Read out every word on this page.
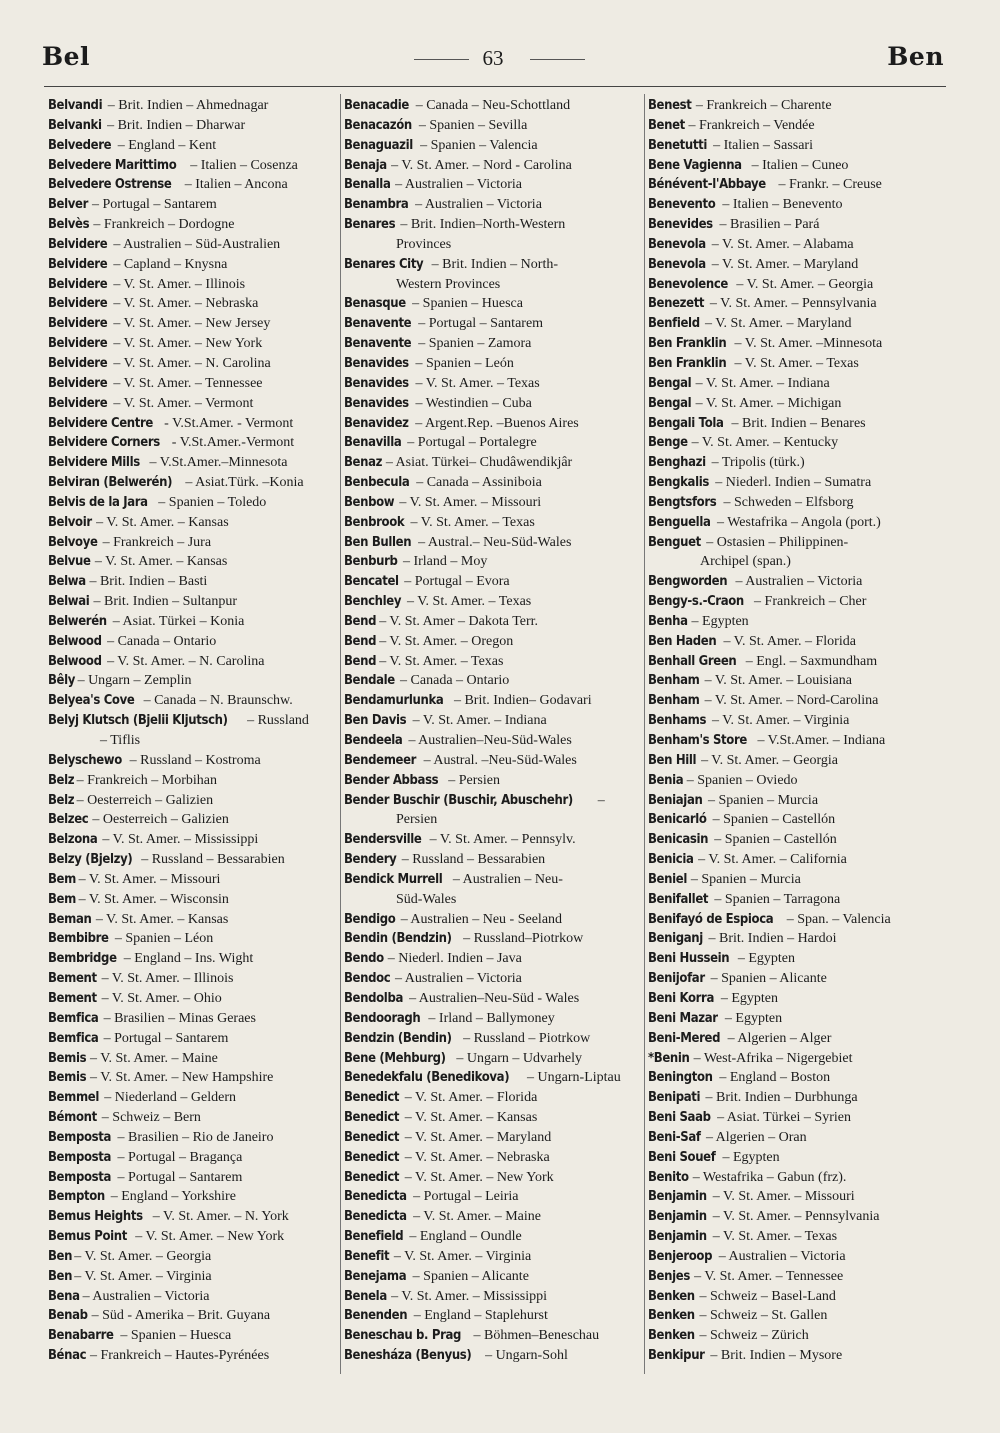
Bel	63	Ben
Belvandi – Brit. Indien – Ahmednagar
Belvanki – Brit. Indien – Dharwar
Belvedere – England – Kent
Belvedere Marittimo – Italien – Cosenza
Belvedere Ostrense – Italien – Ancona
Belver – Portugal – Santarem
Belvès – Frankreich – Dordogne
Belvidere – Australien – Süd-Australien
Belvidere – Capland – Knysna
Belvidere – V. St. Amer. – Illinois
Belvidere – V. St. Amer. – Nebraska
Belvidere – V. St. Amer. – New Jersey
Belvidere – V. St. Amer. – New York
Belvidere – V. St. Amer. – N. Carolina
Belvidere – V. St. Amer. – Tennessee
Belvidere – V. St. Amer. – Vermont
Belvidere Centre - V.St.Amer. - Vermont
Belvidere Corners - V.St.Amer.-Vermont
Belvidere Mills – V.St.Amer.–Minnesota
Belviran (Belwerén) – Asiat.Türk. –Konia
Belvis de la Jara – Spanien – Toledo
Belvoir – V. St. Amer. – Kansas
Belvoye – Frankreich – Jura
Belvue – V. St. Amer. – Kansas
Belwa – Brit. Indien – Basti
Belwai – Brit. Indien – Sultanpur
Belwerén – Asiat. Türkei – Konia
Belwood – Canada – Ontario
Belwood – V. St. Amer. – N. Carolina
Bêly – Ungarn – Zemplin
Belyea's Cove – Canada – N. Braunschw.
Belyj Klutsch (Bjelii Kljutsch) – Russland
– Tiflis
Belyschewo – Russland – Kostroma
Belz – Frankreich – Morbihan
Belz – Oesterreich – Galizien
Belzec – Oesterreich – Galizien
Belzona – V. St. Amer. – Mississippi
Belzy (Bjelzy) – Russland – Bessarabien
Bem – V. St. Amer. – Missouri
Bem – V. St. Amer. – Wisconsin
Beman – V. St. Amer. – Kansas
Bembibre – Spanien – Léon
Bembridge – England – Ins. Wight
Bement – V. St. Amer. – Illinois
Bement – V. St. Amer. – Ohio
Bemfica – Brasilien – Minas Geraes
Bemfica – Portugal – Santarem
Bemis – V. St. Amer. – Maine
Bemis – V. St. Amer. – New Hampshire
Bemmel – Niederland – Geldern
Bémont – Schweiz – Bern
Bemposta – Brasilien – Rio de Janeiro
Bemposta – Portugal – Bragança
Bemposta – Portugal – Santarem
Bempton – England – Yorkshire
Bemus Heights – V. St. Amer. – N. York
Bemus Point – V. St. Amer. – New York
Ben – V. St. Amer. – Georgia
Ben – V. St. Amer. – Virginia
Bena – Australien – Victoria
Benab – Süd - Amerika – Brit. Guyana
Benabarre – Spanien – Huesca
Bénac – Frankreich – Hautes-Pyrénées
Benacadie – Canada – Neu-Schottland
Benacazón – Spanien – Sevilla
Benaguazil – Spanien – Valencia
Benaja – V. St. Amer. – Nord - Carolina
Benalla – Australien – Victoria
Benambra – Australien – Victoria
Benares – Brit. Indien–North-Western
Provinces
Benares City – Brit. Indien – North-
Western Provinces
Benasque – Spanien – Huesca
Benavente – Portugal – Santarem
Benavente – Spanien – Zamora
Benavides – Spanien – León
Benavides – V. St. Amer. – Texas
Benavides – Westindien – Cuba
Benavidez – Argent.Rep. –Buenos Aires
Benavilla – Portugal – Portalegre
Benaz – Asiat. Türkei– Chudâwendikjâr
Benbecula – Canada – Assiniboia
Benbow – V. St. Amer. – Missouri
Benbrook – V. St. Amer. – Texas
Ben Bullen – Austral.– Neu-Süd-Wales
Benburb – Irland – Moy
Bencatel – Portugal – Evora
Benchley – V. St. Amer. – Texas
Bend – V. St. Amer – Dakota Terr.
Bend – V. St. Amer. – Oregon
Bend – V. St. Amer. – Texas
Bendale – Canada – Ontario
Bendamurlunka – Brit. Indien– Godavari
Ben Davis – V. St. Amer. – Indiana
Bendeela – Australien–Neu-Süd-Wales
Bendemeer – Austral. –Neu-Süd-Wales
Bender Abbass – Persien
Bender Buschir (Buschir, Abuschehr) –
Persien
Bendersville – V. St. Amer. – Pennsylv.
Bendery – Russland – Bessarabien
Bendick Murrell – Australien – Neu-
Süd-Wales
Bendigo – Australien – Neu - Seeland
Bendin (Bendzin) – Russland–Piotrkow
Bendo – Niederl. Indien – Java
Bendoc – Australien – Victoria
Bendolba – Australien–Neu-Süd - Wales
Bendooragh – Irland – Ballymoney
Bendzin (Bendin) – Russland – Piotrkow
Bene (Mehburg) – Ungarn – Udvarhely
Benedekfalu (Benedikova) – Ungarn-Liptau
Benedict – V. St. Amer. – Florida
Benedict – V. St. Amer. – Kansas
Benedict – V. St. Amer. – Maryland
Benedict – V. St. Amer. – Nebraska
Benedict – V. St. Amer. – New York
Benedicta – Portugal – Leiria
Benedicta – V. St. Amer. – Maine
Benefield – England – Oundle
Benefit – V. St. Amer. – Virginia
Benejama – Spanien – Alicante
Benela – V. St. Amer. – Mississippi
Benenden – England – Staplehurst
Beneschau b. Prag – Böhmen–Beneschau
Benesháza (Benyus) – Ungarn-Sohl
Benest – Frankreich – Charente
Benet – Frankreich – Vendée
Benetutti – Italien – Sassari
Bene Vagienna – Italien – Cuneo
Bénévent-l'Abbaye – Frankr. – Creuse
Benevento – Italien – Benevento
Benevides – Brasilien – Pará
Benevola – V. St. Amer. – Alabama
Benevola – V. St. Amer. – Maryland
Benevolence – V. St. Amer. – Georgia
Benezett – V. St. Amer. – Pennsylvania
Benfield – V. St. Amer. – Maryland
Ben Franklin – V. St. Amer. –Minnesota
Ben Franklin – V. St. Amer. – Texas
Bengal – V. St. Amer. – Indiana
Bengal – V. St. Amer. – Michigan
Bengali Tola – Brit. Indien – Benares
Benge – V. St. Amer. – Kentucky
Benghazi – Tripolis (türk.)
Bengkalis – Niederl. Indien – Sumatra
Bengtsfors – Schweden – Elfsborg
Benguella – Westafrika – Angola (port.)
Benguet – Ostasien – Philippinen-
Archipel (span.)
Bengworden – Australien – Victoria
Bengy-s.-Craon – Frankreich – Cher
Benha – Egypten
Ben Haden – V. St. Amer. – Florida
Benhall Green – Engl. – Saxmundham
Benham – V. St. Amer. – Louisiana
Benham – V. St. Amer. – Nord-Carolina
Benhams – V. St. Amer. – Virginia
Benham's Store – V.St.Amer. – Indiana
Ben Hill – V. St. Amer. – Georgia
Benia – Spanien – Oviedo
Beniajan – Spanien – Murcia
Benicarló – Spanien – Castellón
Benicasin – Spanien – Castellón
Benicia – V. St. Amer. – California
Beniel – Spanien – Murcia
Benifallet – Spanien – Tarragona
Benifayó de Espioca – Span. – Valencia
Beniganj – Brit. Indien – Hardoi
Beni Hussein – Egypten
Benijofar – Spanien – Alicante
Beni Korra – Egypten
Beni Mazar – Egypten
Beni-Mered – Algerien – Alger
*Benin – West-Afrika – Nigergebiet
Benington – England – Boston
Benipati – Brit. Indien – Durbhunga
Beni Saab – Asiat. Türkei – Syrien
Beni-Saf – Algerien – Oran
Beni Souef – Egypten
Benito – Westafrika – Gabun (frz).
Benjamin – V. St. Amer. – Missouri
Benjamin – V. St. Amer. – Pennsylvania
Benjamin – V. St. Amer. – Texas
Benjeroop – Australien – Victoria
Benjes – V. St. Amer. – Tennessee
Benken – Schweiz – Basel-Land
Benken – Schweiz – St. Gallen
Benken – Schweiz – Zürich
Benkipur – Brit. Indien – Mysore
